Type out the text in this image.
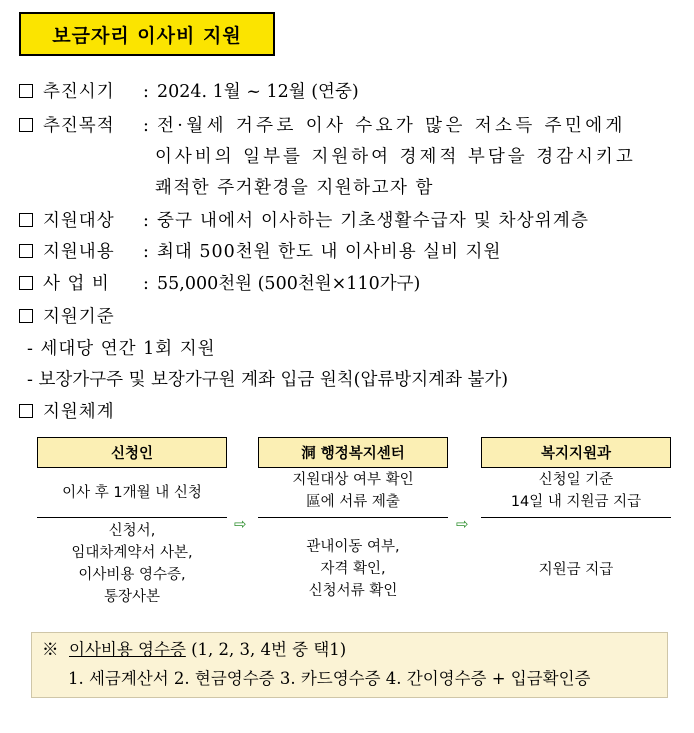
보금자리 이사비 지원
추진시기 : 2024. 1월 ~ 12월 (연중)
추진목적 : 전·월세 거주로 이사 수요가 많은 저소득 주민에게
이사비의 일부를 지원하여 경제적 부담을 경감시키고
쾌적한 주거환경을 지원하고자 함
지원대상 : 중구 내에서 이사하는 기초생활수급자 및 차상위계층
지원내용 : 최대 500천원 한도 내 이사비용 실비 지원
사 업 비 : 55,000천원 (500천원×110가구)
지원기준
- 세대당 연간 1회 지원
- 보장가구주 및 보장가구원 계좌 입금 원칙(압류방지계좌 불가)
지원체계
신청인
이사 후 1개월 내 신청
신청서,
임대차계약서 사본,
이사비용 영수증,
통장사본
⇨
洞 행정복지센터
지원대상 여부 확인
區에 서류 제출
관내이동 여부,
자격 확인,
신청서류 확인
⇨
복지지원과
신청일 기준
14일 내 지원금 지급
지원금 지급
※ 이사비용 영수증 (1, 2, 3, 4번 중 택1)
1. 세금계산서 2. 현금영수증 3. 카드영수증 4. 간이영수증 + 입금확인증
